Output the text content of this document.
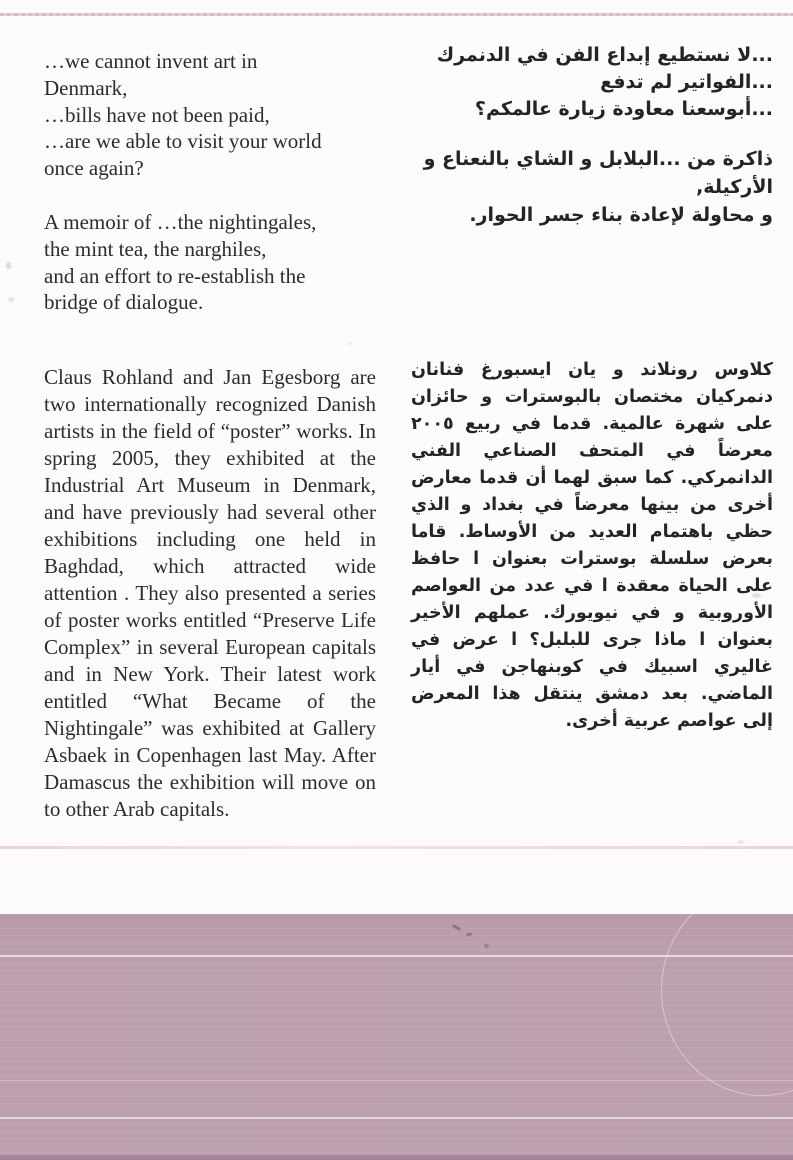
…we cannot invent art in
Denmark,
…bills have not been paid,
…are we able to visit your world
once again?
A memoir of …the nightingales,
the mint tea, the narghiles,
and an effort to re-establish the
bridge of dialogue.
Claus Rohland and Jan Egesborg are two internationally recognized Danish artists in the field of “poster” works. In spring 2005, they exhibited at the Industrial Art Museum in Denmark, and have previously had several other exhibitions including one held in Baghdad, which attracted wide attention . They also presented a series of poster works entitled “Preserve Life Complex” in several European capitals and in New York. Their latest work entitled “What Became of the Nightingale” was exhibited at Gallery Asbaek in Copenhagen last May. After Damascus the exhibition will move on to other Arab capitals.
...لا نستطيع إبداع الفن في الدنمرك
...الفواتير لم تدفع
...أبوسعنا معاودة زيارة عالمكم؟
ذاكرة من ...البلابل و الشاي بالنعناع و
الأركيلة,
و محاولة لإعادة بناء جسر الحوار.
كلاوس رونلاند و يان ايسبورغ فنانان دنمركيان مختصان بالبوسترات و حائزان على شهرة عالمية. قدما في ربيع ٢٠٠٥ معرضاً في المتحف الصناعي الفني الدانمركي. كما سبق لهما أن قدما معارض أخرى من بينها معرضاً في بغداد و الذي حظي باهتمام العديد من الأوساط. قاما بعرض سلسلة بوسترات بعنوان ا حافظ على الحياة معقدة ا في عدد من العواصم الأوروبية و في نيويورك. عملهم الأخير بعنوان ا ماذا جرى للبلبل؟ ا عرض في غاليري اسبيك في كوبنهاجن في أيار الماضي. بعد دمشق ينتقل هذا المعرض إلى عواصم عربية أخرى.
